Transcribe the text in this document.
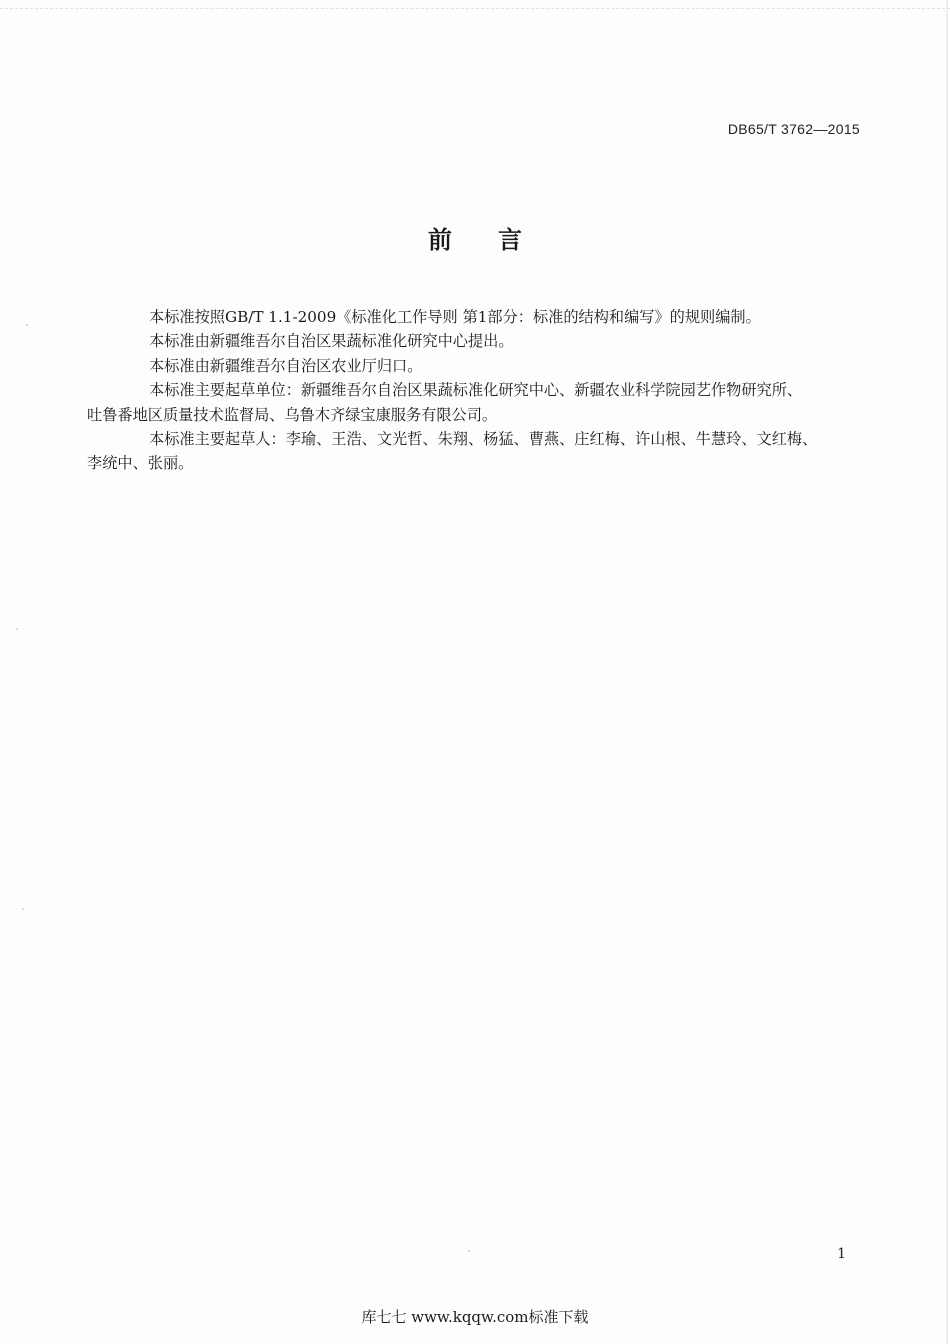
DB65/T 3762—2015
前 言

本标准按照GB/T 1.1-2009《标准化工作导则 第1部分：标准的结构和编写》的规则编制。

本标准由新疆维吾尔自治区果蔬标准化研究中心提出。

本标准由新疆维吾尔自治区农业厅归口。

本标准主要起草单位：新疆维吾尔自治区果蔬标准化研究中心、新疆农业科学院园艺作物研究所、
吐鲁番地区质量技术监督局、乌鲁木齐绿宝康服务有限公司。

本标准主要起草人：李瑜、王浩、文光哲、朱翔、杨猛、曹燕、庄红梅、许山根、牛慧玲、文红梅、
李统中、张丽。

1
库七七 www.kqqw.com标准下载
